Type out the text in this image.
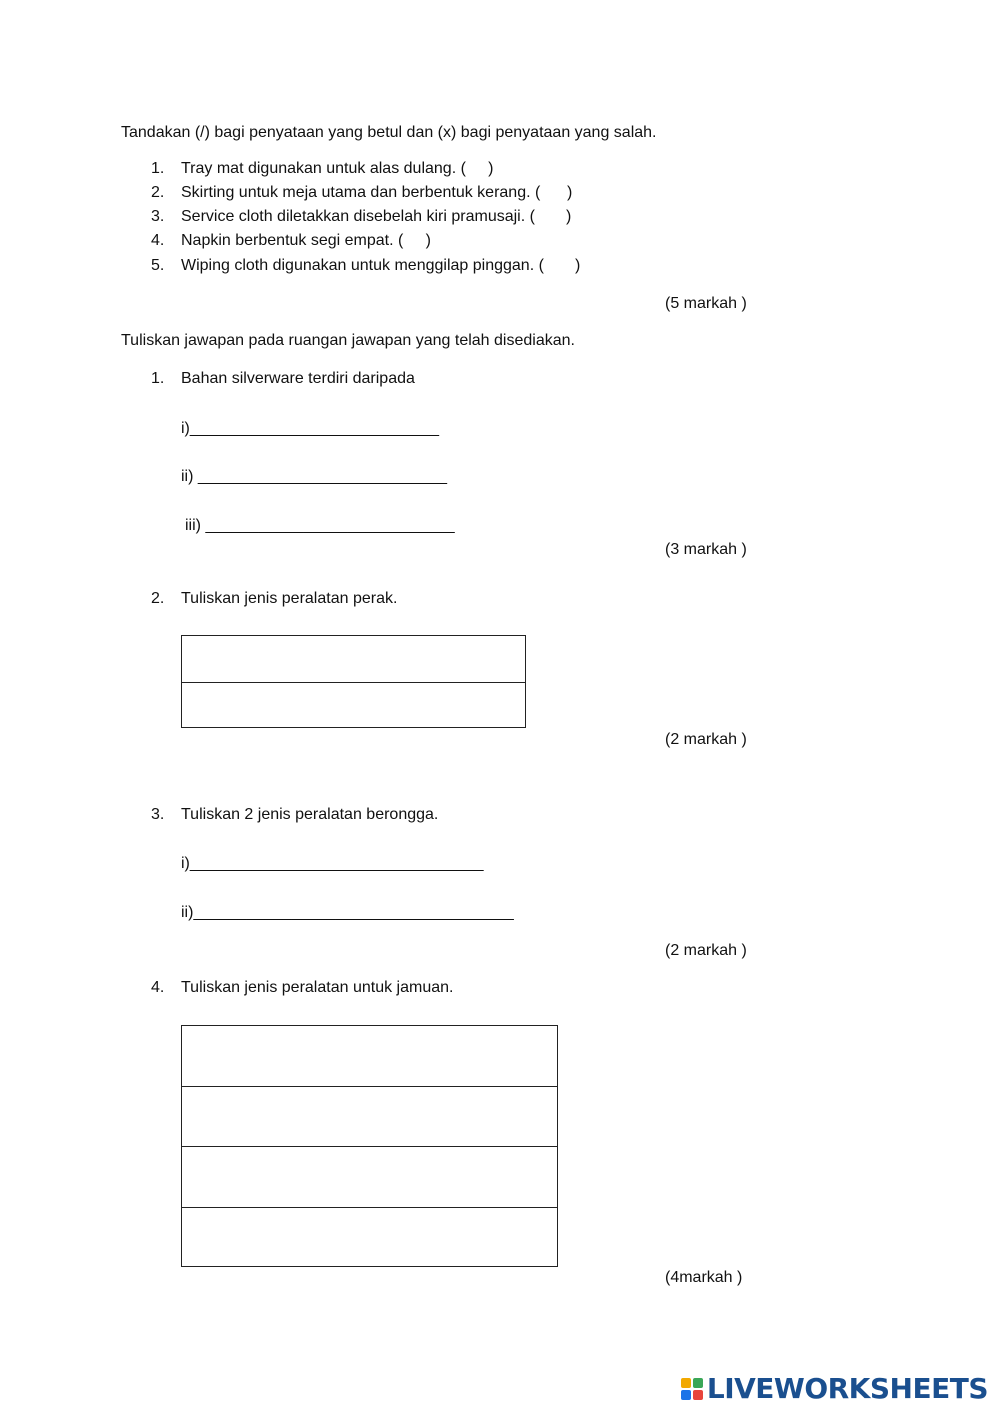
Tandakan (/) bagi penyataan yang betul dan (x) bagi penyataan yang salah.
1. Tray mat digunakan untuk alas dulang. (     )
2. Skirting untuk meja utama dan berbentuk kerang. (      )
3. Service cloth diletakkan disebelah kiri pramusaji. (       )
4. Napkin berbentuk segi empat. (     )
5. Wiping cloth digunakan untuk menggilap pinggan. (       )
(5 markah )
Tuliskan jawapan pada ruangan jawapan yang telah disediakan.
1. Bahan silverware terdiri daripada
i)____________________________
ii) ____________________________
iii) ____________________________
(3 markah )
2. Tuliskan jenis peralatan perak.
(2 markah )
3. Tuliskan 2 jenis peralatan berongga.
i)_________________________________
ii)____________________________________
(2 markah )
4. Tuliskan jenis peralatan untuk jamuan.
(4markah )
LIVEWORKSHEETS
